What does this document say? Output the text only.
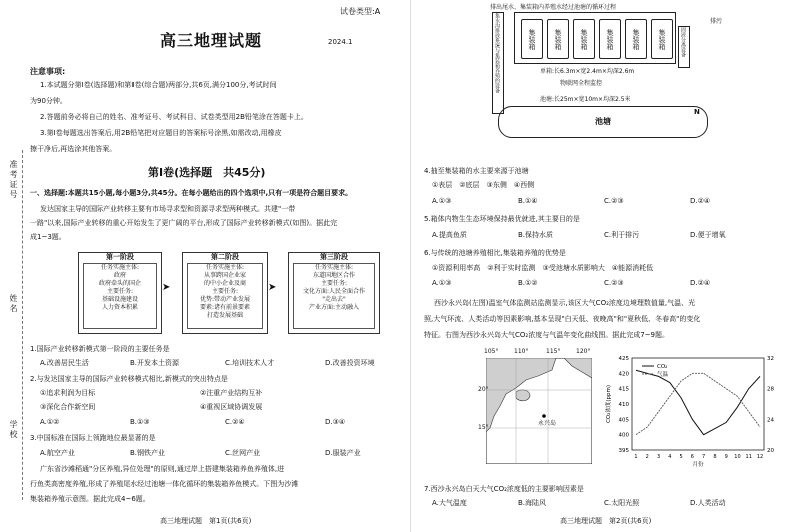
试卷类型:A
高三地理试题	2024.1
注意事项:
1.本试题分第Ⅰ卷(选择题)和第Ⅱ卷(综合题)两部分,共6页,满分100分,考试时间
为90分钟。
2.答题前务必将自己的姓名、准考证号、考试科目、试卷类型用2B铅笔涂在答题卡上。
3.第Ⅰ卷每题选出答案后,用2B铅笔把对应题目的答案标号涂黑,如需改动,用橡皮
擦干净后,再选涂其他答案。
第Ⅰ卷(选择题　共45分)
一、选择题:本题共15小题,每小题3分,共45分。在每小题给出的四个选项中,只有一项是符合题目要求。
发达国家主导的国际产业转移主要有市场寻求型和资源寻求型两种模式。共建"一带
一路"以来,国际产业转移的重心开始发生了更广阔的平台,形成了国际产业转移新模式(如图)。据此完
成1~3题。
第一阶段
任务实施主体:
政府
政府牵头的国企
主要任务:
基础设施建设
人力资本积累
➤
第二阶段
任务实施主体:
从事跨国企业家
的中小企业及商
主要任务:
优势:带动产业发展
要素:诸有前景要素
打造发展基础
➤
第三阶段
任务实施主体:
东道国地区合作
主要任务:
文化方面:人民全面合作
"走出去"
产业方面:主动融入
1.国际产业转移新模式第一阶段的主要任务是
A.改善居民生活	B.开发本土资源	C.培训技术人才	D.改善投资环境
2.与发达国家主导的国际产业转移模式相比,新模式的突出特点是
①追求利润为目标	②注重产业结构互补
③深化合作新空间	④重视区域协调发展
A.①②	B.①③	C.②④	D.③④
3.中国标准在国际上领跑地位最显著的是
A.航空产业	B.钢铁产业	C.丝网产业	D.服装产业
广东省沙滩稻通"分区养殖,异位处理"的原则,通过岸上搭建集装箱养鱼养殖体,进
行鱼类高密度养殖,形成了养殖尾水经过池塘一体化循环的集装箱养鱼模式。下图为沙滩
集装箱养殖示意图。据此完成4~6题。
高三地理试题　第1页(共6页)
准考证号
姓名
学校
排出尾水、集装箱内养殖水经过池塘的循环过程
集水沟排放系统与集装箱养殖的设备	集装箱	集装箱	集装箱	集装箱	集装箱	集装箱
排污
固液分离设备
单箱:长6.3m×宽2.4m×均深2.6m
物联网全程监控
池塘:长25m×宽10m×均深2.5米
池塘
N
4.抽至集装箱的水主要来源于池塘
①表层　②底层　③东侧　④西侧
A.①③	B.①④	C.②③	D.②④
5.箱体内物生生态环境保持最优就进,其主要目的是
A.提高鱼质	B.保持水质	C.利于排污	D.便于增氧
6.与传统的池塘养殖相比,集装箱养殖的优势是
①资源利用率高　②利于实时监测　③受池塘水质影响大　④能源消耗低
A.①③	B.①②	C.②③	D.②④
西沙永兴岛(左图)温室气体监测站监测显示,该区大气CO₂浓度边境理数值量,气温、光
照,大气环流、人类活动等因素影响,基本呈现"白天低、夜晚高"和"夏秋低、冬春高"的变化
特征。右图为西沙永兴岛大气CO₂浓度与气温年变化曲线图。据此完成7~9题。
105°	110°	115°	120°
20°
15°
永兴岛
425
420
415
410
405
400
395
32
28
24
20
1 2 3 4 5 6 7 8 9 10 11 12
月份
CO₂浓度(ppm)
CO₂
气温
7.西沙永兴岛白天大气CO₂浓度低的主要影响因素是
A.大气温度	B.海陆风	C.太阳光照	D.人类活动
高三地理试题　第2页(共6页)
